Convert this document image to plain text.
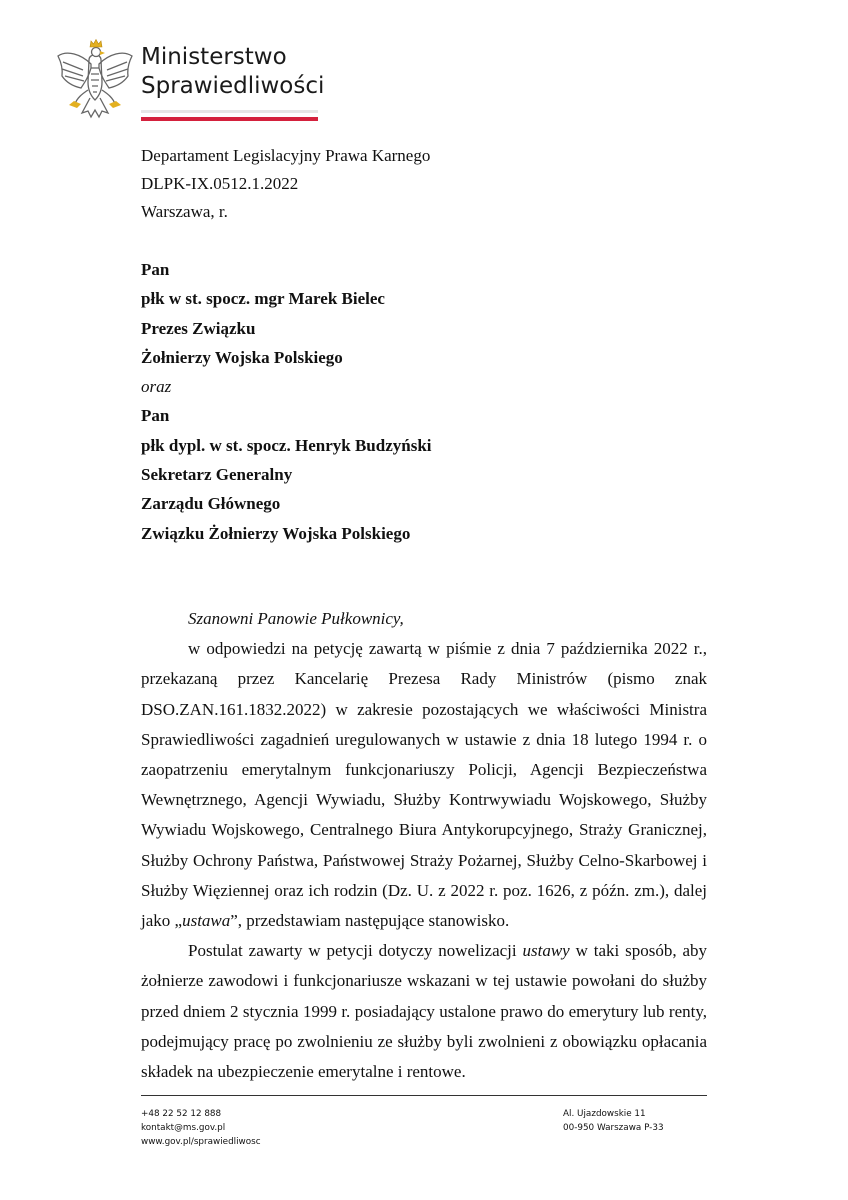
Ministerstwo
Sprawiedliwości
Departament Legislacyjny Prawa Karnego
DLPK-IX.0512.1.2022
Warszawa, r.
Pan
płk w st. spocz. mgr Marek Bielec
Prezes Związku
Żołnierzy Wojska Polskiego
oraz
Pan
płk dypl. w st. spocz. Henryk Budzyński
Sekretarz Generalny
Zarządu Głównego
Związku Żołnierzy Wojska Polskiego

Szanowni Panowie Pułkownicy,

w odpowiedzi na petycję zawartą w piśmie z dnia 7 października 2022 r., przekazaną przez Kancelarię Prezesa Rady Ministrów (pismo znak DSO.ZAN.161.1832.2022) w zakresie pozostających we właściwości Ministra Sprawiedliwości zagadnień uregulowanych w ustawie z dnia 18 lutego 1994 r. o zaopatrzeniu emerytalnym funkcjonariuszy Policji, Agencji Bezpieczeństwa Wewnętrznego, Agencji Wywiadu, Służby Kontrwywiadu Wojskowego, Służby Wywiadu Wojskowego, Centralnego Biura Antykorupcyjnego, Straży Granicznej, Służby Ochrony Państwa, Państwowej Straży Pożarnej, Służby Celno-Skarbowej i Służby Więziennej oraz ich rodzin (Dz. U. z 2022 r. poz. 1626, z późn. zm.), dalej jako „ustawa”, przedstawiam następujące stanowisko.

Postulat zawarty w petycji dotyczy nowelizacji ustawy w taki sposób, aby żołnierze zawodowi i funkcjonariusze wskazani w tej ustawie powołani do służby przed dniem 2 stycznia 1999 r. posiadający ustalone prawo do emerytury lub renty, podejmujący pracę po zwolnieniu ze służby byli zwolnieni z obowiązku opłacania składek na ubezpieczenie emerytalne i rentowe.

+48 22 52 12 888
kontakt@ms.gov.pl
www.gov.pl/sprawiedliwosc
Al. Ujazdowskie 11
00-950 Warszawa P-33
